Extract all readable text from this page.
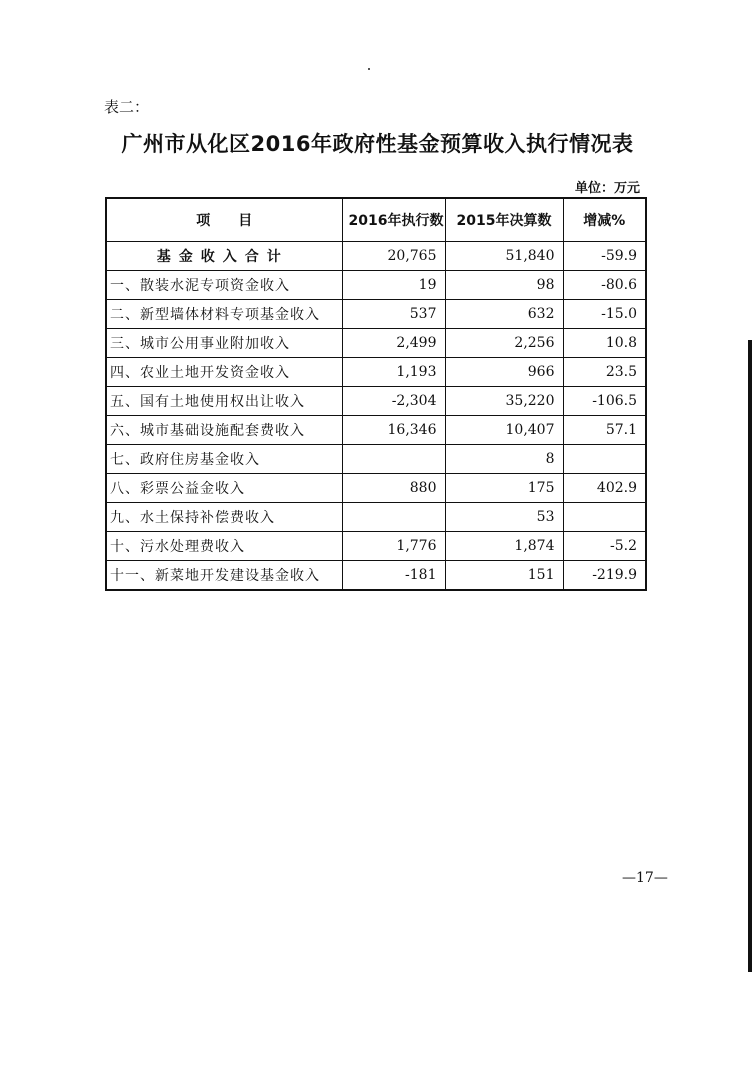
表二：
广州市从化区2016年政府性基金预算收入执行情况表
单位：万元
项　　目	2016年执行数	2015年决算数	增减%
基金收入合计	20,765	51,840	-59.9
一、散装水泥专项资金收入	19	98	-80.6
二、新型墙体材料专项基金收入	537	632	-15.0
三、城市公用事业附加收入	2,499	2,256	10.8
四、农业土地开发资金收入	1,193	966	23.5
五、国有土地使用权出让收入	-2,304	35,220	-106.5
六、城市基础设施配套费收入	16,346	10,407	57.1
七、政府住房基金收入		8	
八、彩票公益金收入	880	175	402.9
九、水土保持补偿费收入		53	
十、污水处理费收入	1,776	1,874	-5.2
十一、新菜地开发建设基金收入	-181	151	-219.9
—17—
